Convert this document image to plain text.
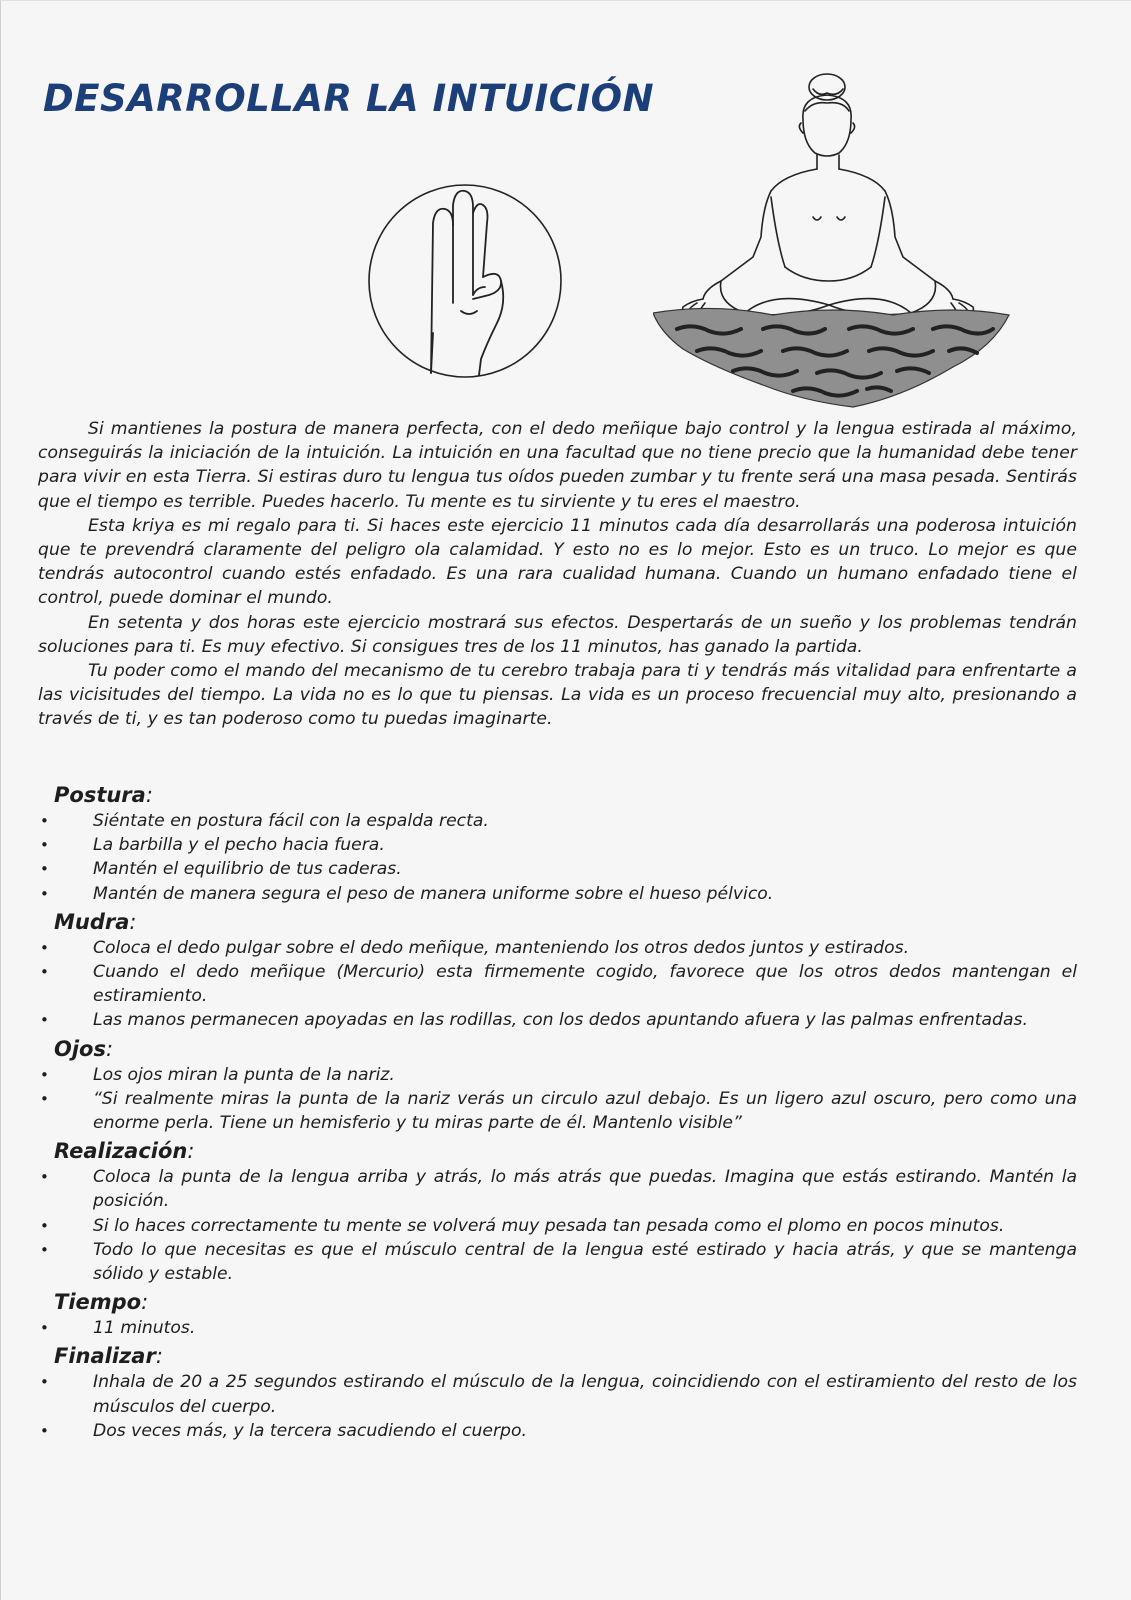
DESARROLLAR LA INTUICIÓN

Si mantienes la postura de manera perfecta, con el dedo meñique bajo control y la lengua estirada al máximo, conseguirás la iniciación de la intuición. La intuición en una facultad que no tiene precio que la humanidad debe tener para vivir en esta Tierra. Si estiras duro tu lengua tus oídos pueden zumbar y tu frente será una masa pesada. Sentirás que el tiempo es terrible. Puedes hacerlo. Tu mente es tu sirviente y tu eres el maestro.

Esta kriya es mi regalo para ti. Si haces este ejercicio 11 minutos cada día desarrollarás una poderosa intuición que te prevendrá claramente del peligro ola calamidad. Y esto no es lo mejor. Esto es un truco. Lo mejor es que tendrás autocontrol cuando estés enfadado. Es una rara cualidad humana. Cuando un humano enfadado tiene el control, puede dominar el mundo.

En setenta y dos horas este ejercicio mostrará sus efectos. Despertarás de un sueño y los problemas tendrán soluciones para ti. Es muy efectivo. Si consigues tres de los 11 minutos, has ganado la partida.

Tu poder como el mando del mecanismo de tu cerebro trabaja para ti y tendrás más vitalidad para enfrentarte a las vicisitudes del tiempo. La vida no es lo que tu piensas. La vida es un proceso frecuencial muy alto, presionando a través de ti, y es tan poderoso como tu puedas imaginarte.

Postura:
• Siéntate en postura fácil con la espalda recta.
• La barbilla y el pecho hacia fuera.
• Mantén el equilibrio de tus caderas.
• Mantén de manera segura el peso de manera uniforme sobre el hueso pélvico.
Mudra:
• Coloca el dedo pulgar sobre el dedo meñique, manteniendo los otros dedos juntos y estirados.
• Cuando el dedo meñique (Mercurio) esta firmemente cogido, favorece que los otros dedos mantengan el estiramiento.
• Las manos permanecen apoyadas en las rodillas, con los dedos apuntando afuera y las palmas enfrentadas.
Ojos:
• Los ojos miran la punta de la nariz.
• “Si realmente miras la punta de la nariz verás un circulo azul debajo. Es un ligero azul oscuro, pero como una enorme perla. Tiene un hemisferio y tu miras parte de él. Mantenlo visible”
Realización:
• Coloca la punta de la lengua arriba y atrás, lo más atrás que puedas. Imagina que estás estirando. Mantén la posición.
• Si lo haces correctamente tu mente se volverá muy pesada tan pesada como el plomo en pocos minutos.
• Todo lo que necesitas es que el músculo central de la lengua esté estirado y hacia atrás, y que se mantenga sólido y estable.
Tiempo:
• 11 minutos.
Finalizar:
• Inhala de 20 a 25 segundos estirando el músculo de la lengua, coincidiendo con el estiramiento del resto de los músculos del cuerpo.
• Dos veces más, y la tercera sacudiendo el cuerpo.
